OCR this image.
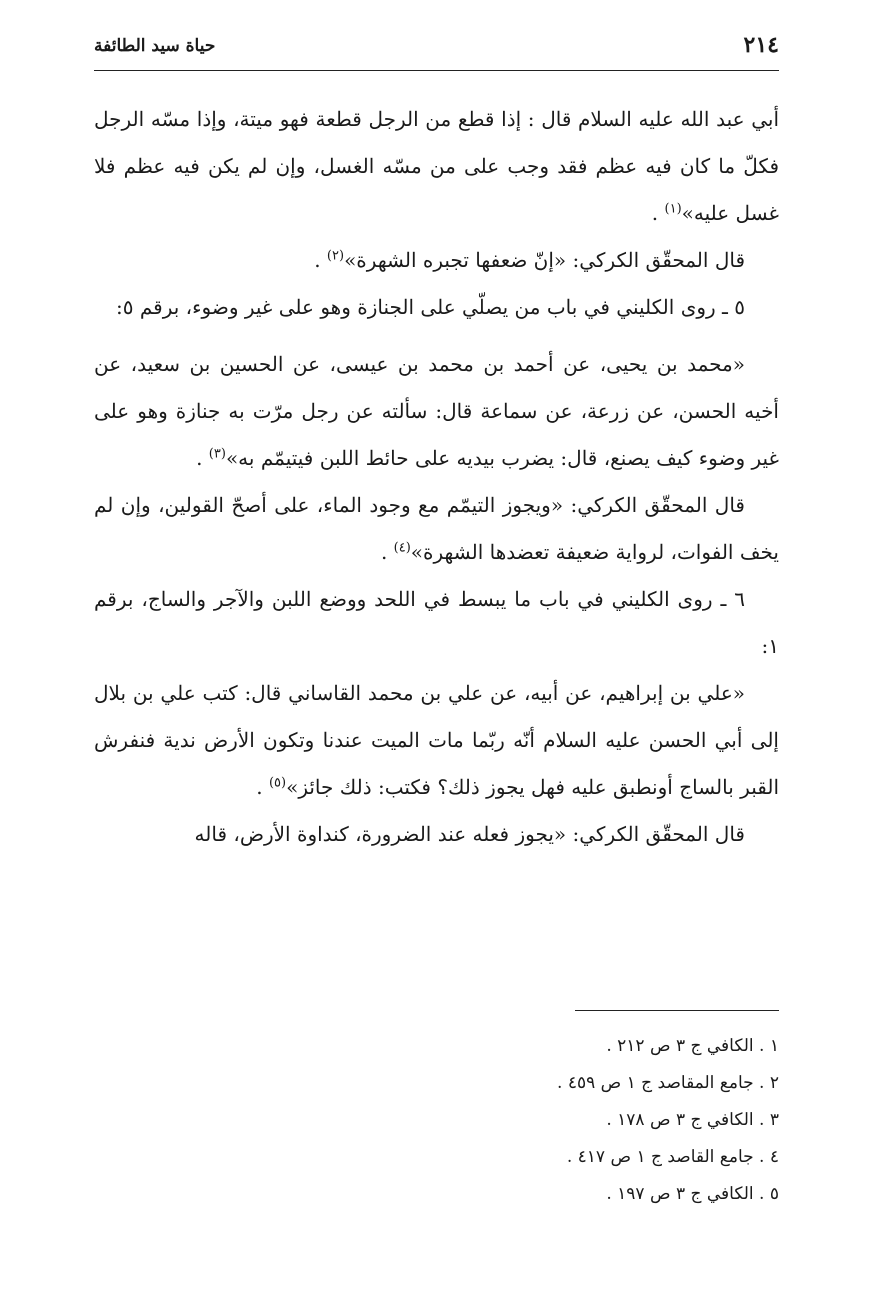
٢١٤
حياة سيد الطائفة

أبي عبد الله عليه السلام قال : إذا قطع من الرجل قطعة فهو ميتة، وإذا مسّه الرجل فكلّ ما كان فيه عظم فقد وجب على من مسّه الغسل، وإن لم يكن فيه عظم فلا غسل عليه»$^{(١)}$ .

قال المحقّق الكركي: «إنّ ضعفها تجبره الشهرة»$^{(٢)}$ .

٥ ـ روى الكليني في باب من يصلّي على الجنازة وهو على غير وضوء، برقم ٥:

«محمد بن يحيى، عن أحمد بن محمد بن عيسى، عن الحسين بن سعيد، عن أخيه الحسن، عن زرعة، عن سماعة قال: سألته عن رجل مرّت به جنازة وهو على غير وضوء كيف يصنع، قال: يضرب بيديه على حائط اللبن فيتيمّم به»$^{(٣)}$ .

قال المحقّق الكركي: «ويجوز التيمّم مع وجود الماء، على أصحّ القولين، وإن لم يخف الفوات، لرواية ضعيفة تعضدها الشهرة»$^{(٤)}$ .

٦ ـ روى الكليني في باب ما يبسط في اللحد ووضع اللبن والآجر والساج، برقم ١:

«علي بن إبراهيم، عن أبيه، عن علي بن محمد القاساني قال: كتب علي بن بلال إلى أبي الحسن عليه السلام أنّه ربّما مات الميت عندنا وتكون الأرض ندية فنفرش القبر بالساج أونطبق عليه فهل يجوز ذلك؟ فكتب: ذلك جائز»$^{(٥)}$ .

قال المحقّق الكركي: «يجوز فعله عند الضرورة، كنداوة الأرض، قاله

١ . الكافي ج ٣ ص ٢١٢ .
٢ . جامع المقاصد ج ١ ص ٤٥٩ .
٣ . الكافي ج ٣ ص ١٧٨ .
٤ . جامع القاصد ج ١ ص ٤١٧ .
٥ . الكافي ج ٣ ص ١٩٧ .
